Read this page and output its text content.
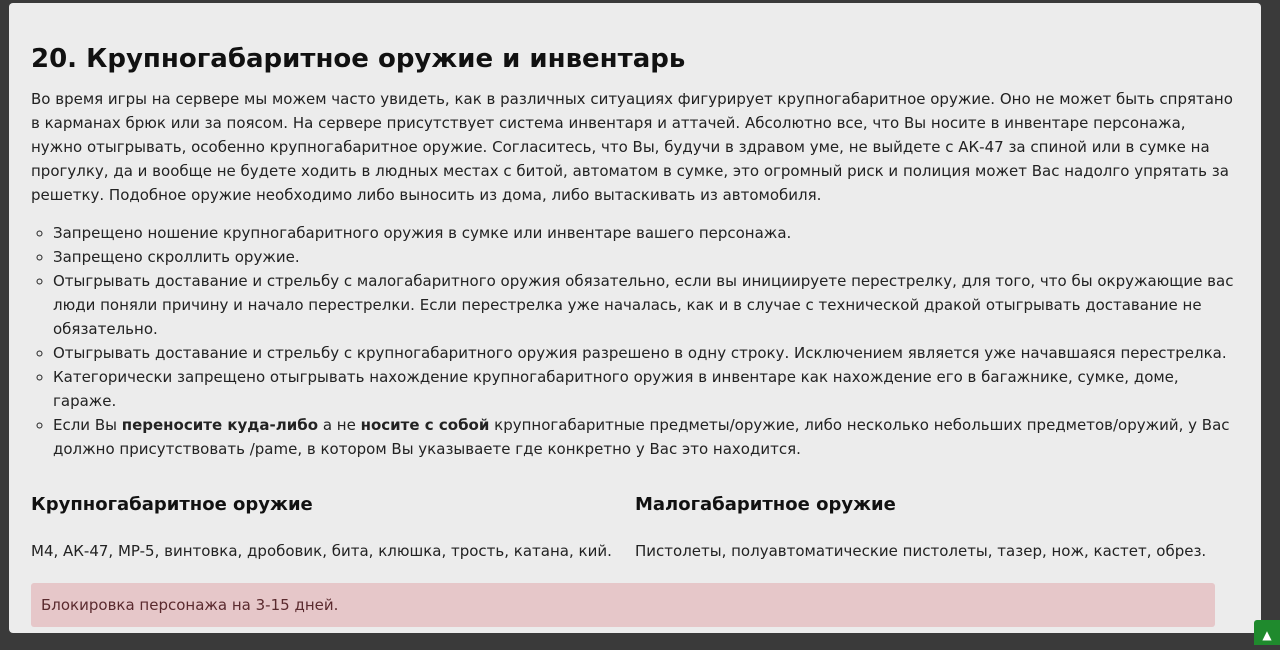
20. Крупногабаритное оружие и инвентарь

Во время игры на сервере мы можем часто увидеть, как в различных ситуациях фигурирует крупногабаритное оружие. Оно не может быть спрятано в карманах брюк или за поясом. На сервере присутствует система инвентаря и аттачей. Абсолютно все, что Вы носите в инвентаре персонажа, нужно отыгрывать, особенно крупногабаритное оружие. Согласитесь, что Вы, будучи в здравом уме, не выйдете с АК-47 за спиной или в сумке на прогулку, да и вообще не будете ходить в людных местах с битой, автоматом в сумке, это огромный риск и полиция может Вас надолго упрятать за решетку. Подобное оружие необходимо либо выносить из дома, либо вытаскивать из автомобиля.

◦ Запрещено ношение крупногабаритного оружия в сумке или инвентаре вашего персонажа.
◦ Запрещено скроллить оружие.
◦ Отыгрывать доставание и стрельбу с малогабаритного оружия обязательно, если вы инициируете перестрелку, для того, что бы окружающие вас люди поняли причину и начало перестрелки. Если перестрелка уже началась, как и в случае с технической дракой отыгрывать доставание не обязательно.
◦ Отыгрывать доставание и стрельбу с крупногабаритного оружия разрешено в одну строку. Исключением является уже начавшаяся перестрелка.
◦ Категорически запрещено отыгрывать нахождение крупногабаритного оружия в инвентаре как нахождение его в багажнике, сумке, доме, гараже.
◦ Если Вы переносите куда-либо а не носите с собой крупногабаритные предметы/оружие, либо несколько небольших предметов/оружий, у Вас должно присутствовать /pame, в котором Вы указываете где конкретно у Вас это находится.
Крупногабаритное оружие

М4, АК-47, MP-5, винтовка, дробовик, бита, клюшка, трость, катана, кий.

Малогабаритное оружие

Пистолеты, полуавтоматические пистолеты, тазер, нож, кастет, обрез.

Блокировка персонажа на 3-15 дней.
▲
